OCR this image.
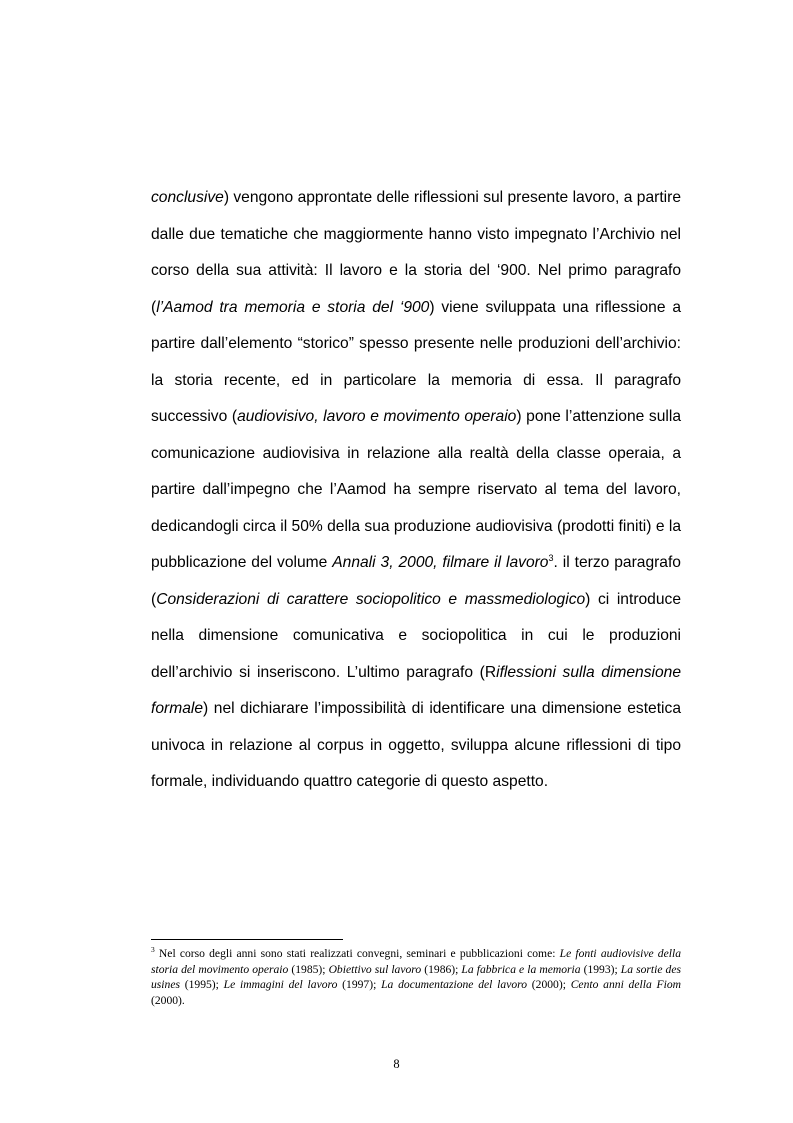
conclusive) vengono approntate delle riflessioni sul presente lavoro, a partire dalle due tematiche che maggiormente hanno visto impegnato l’Archivio nel corso della sua attività: Il lavoro e la storia del ‘900. Nel primo paragrafo (l’Aamod tra memoria e storia del ‘900) viene sviluppata una riflessione a partire dall’elemento “storico” spesso presente nelle produzioni dell’archivio: la storia recente, ed in particolare la memoria di essa. Il paragrafo successivo (audiovisivo, lavoro e movimento operaio) pone l’attenzione sulla comunicazione audiovisiva in relazione alla realtà della classe operaia, a partire dall’impegno che l’Aamod ha sempre riservato al tema del lavoro, dedicandogli circa il 50% della sua produzione audiovisiva (prodotti finiti) e la pubblicazione del volume Annali 3, 2000, filmare il lavoro$^3$. il terzo paragrafo (Considerazioni di carattere sociopolitico e massmediologico) ci introduce nella dimensione comunicativa e sociopolitica in cui le produzioni dell’archivio si inseriscono. L’ultimo paragrafo (Riflessioni sulla dimensione formale) nel dichiarare l’impossibilità di identificare una dimensione estetica univoca in relazione al corpus in oggetto, sviluppa alcune riflessioni di tipo formale, individuando quattro categorie di questo aspetto.

$^3$ Nel corso degli anni sono stati realizzati convegni, seminari e pubblicazioni come: Le fonti audiovisive della storia del movimento operaio (1985); Obiettivo sul lavoro (1986); La fabbrica e la memoria (1993); La sortie des usines (1995); Le immagini del lavoro (1997); La documentazione del lavoro (2000); Cento anni della Fiom (2000).

8
